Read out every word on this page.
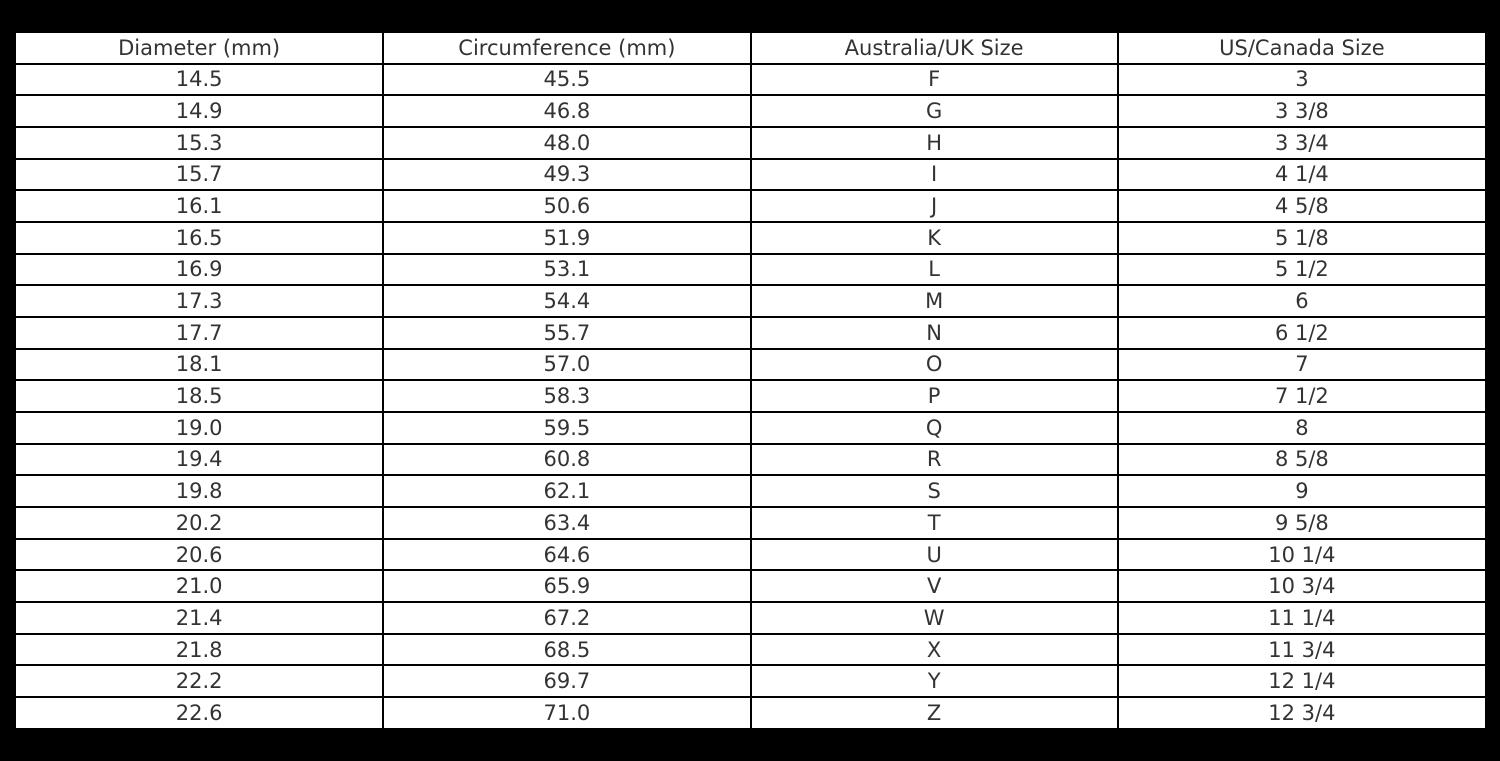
Diameter (mm)	Circumference (mm)	Australia/UK Size	US/Canada Size
14.5	45.5	F	3
14.9	46.8	G	3 3/8
15.3	48.0	H	3 3/4
15.7	49.3	I	4 1/4
16.1	50.6	J	4 5/8
16.5	51.9	K	5 1/8
16.9	53.1	L	5 1/2
17.3	54.4	M	6
17.7	55.7	N	6 1/2
18.1	57.0	O	7
18.5	58.3	P	7 1/2
19.0	59.5	Q	8
19.4	60.8	R	8 5/8
19.8	62.1	S	9
20.2	63.4	T	9 5/8
20.6	64.6	U	10 1/4
21.0	65.9	V	10 3/4
21.4	67.2	W	11 1/4
21.8	68.5	X	11 3/4
22.2	69.7	Y	12 1/4
22.6	71.0	Z	12 3/4
